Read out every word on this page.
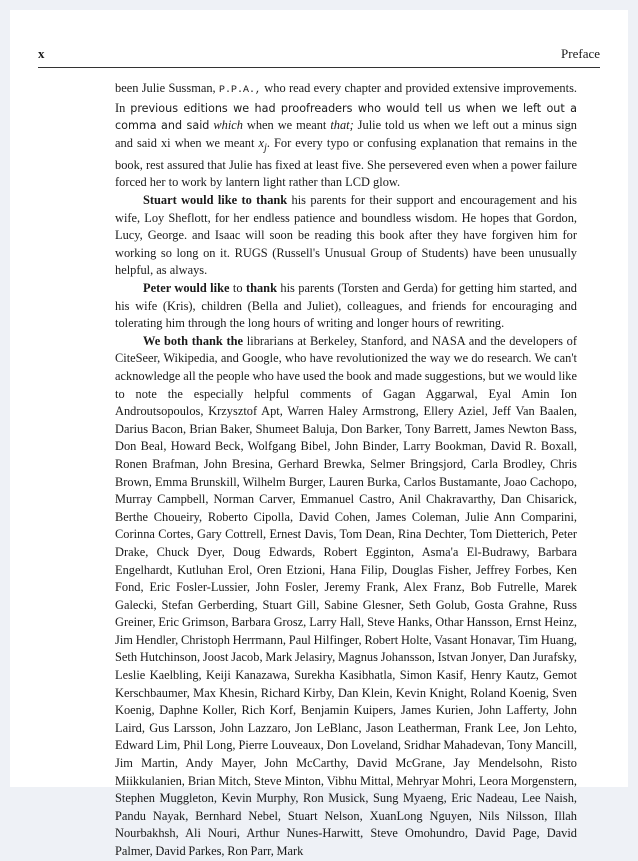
x	Preface

been Julie Sussman, P.P.A., who read every chapter and provided extensive improvements. In previous editions we had proofreaders who would tell us when we left out a comma and said which when we meant that; Julie told us when we left out a minus sign and said xi when we meant $x_j$. For every typo or confusing explanation that remains in the book, rest assured that Julie has fixed at least five. She persevered even when a power failure forced her to work by lantern light rather than LCD glow.

Stuart would like to thank his parents for their support and encouragement and his wife, Loy Sheflott, for her endless patience and boundless wisdom. He hopes that Gordon, Lucy, George. and Isaac will soon be reading this book after they have forgiven him for working so long on it. RUGS (Russell's Unusual Group of Students) have been unusually helpful, as always.

Peter would like to thank his parents (Torsten and Gerda) for getting him started, and his wife (Kris), children (Bella and Juliet), colleagues, and friends for encouraging and tolerating him through the long hours of writing and longer hours of rewriting.

We both thank the librarians at Berkeley, Stanford, and NASA and the developers of CiteSeer, Wikipedia, and Google, who have revolutionized the way we do research. We can't acknowledge all the people who have used the book and made suggestions, but we would like to note the especially helpful comments of Gagan Aggarwal, Eyal Amin Ion Androutsopoulos, Krzysztof Apt, Warren Haley Armstrong, Ellery Aziel, Jeff Van Baalen, Darius Bacon, Brian Baker, Shumeet Baluja, Don Barker, Tony Barrett, James Newton Bass, Don Beal, Howard Beck, Wolfgang Bibel, John Binder, Larry Bookman, David R. Boxall, Ronen Brafman, John Bresina, Gerhard Brewka, Selmer Bringsjord, Carla Brodley, Chris Brown, Emma Brunskill, Wilhelm Burger, Lauren Burka, Carlos Bustamante, Joao Cachopo, Murray Campbell, Norman Carver, Emmanuel Castro, Anil Chakravarthy, Dan Chisarick, Berthe Choueiry, Roberto Cipolla, David Cohen, James Coleman, Julie Ann Comparini, Corinna Cortes, Gary Cottrell, Ernest Davis, Tom Dean, Rina Dechter, Tom Dietterich, Peter Drake, Chuck Dyer, Doug Edwards, Robert Egginton, Asma'a El-Budrawy, Barbara Engelhardt, Kutluhan Erol, Oren Etzioni, Hana Filip, Douglas Fisher, Jeffrey Forbes, Ken Fond, Eric Fosler-Lussier, John Fosler, Jeremy Frank, Alex Franz, Bob Futrelle, Marek Galecki, Stefan Gerberding, Stuart Gill, Sabine Glesner, Seth Golub, Gosta Grahne, Russ Greiner, Eric Grimson, Barbara Grosz, Larry Hall, Steve Hanks, Othar Hansson, Ernst Heinz, Jim Hendler, Christoph Herrmann, Paul Hilfinger, Robert Holte, Vasant Honavar, Tim Huang, Seth Hutchinson, Joost Jacob, Mark Jelasiry, Magnus Johansson, Istvan Jonyer, Dan Jurafsky, Leslie Kaelbling, Keiji Kanazawa, Surekha Kasibhatla, Simon Kasif, Henry Kautz, Gemot Kerschbaumer, Max Khesin, Richard Kirby, Dan Klein, Kevin Knight, Roland Koenig, Sven Koenig, Daphne Koller, Rich Korf, Benjamin Kuipers, James Kurien, John Lafferty, John Laird, Gus Larsson, John Lazzaro, Jon LeBlanc, Jason Leatherman, Frank Lee, Jon Lehto, Edward Lim, Phil Long, Pierre Louveaux, Don Loveland, Sridhar Mahadevan, Tony Mancill, Jim Martin, Andy Mayer, John McCarthy, David McGrane, Jay Mendelsohn, Risto Miikkulanien, Brian Mitch, Steve Minton, Vibhu Mittal, Mehryar Mohri, Leora Morgenstern, Stephen Muggleton, Kevin Murphy, Ron Musick, Sung Myaeng, Eric Nadeau, Lee Naish, Pandu Nayak, Bernhard Nebel, Stuart Nelson, XuanLong Nguyen, Nils Nilsson, Illah Nourbakhsh, Ali Nouri, Arthur Nunes-Harwitt, Steve Omohundro, David Page, David Palmer, David Parkes, Ron Parr, Mark
